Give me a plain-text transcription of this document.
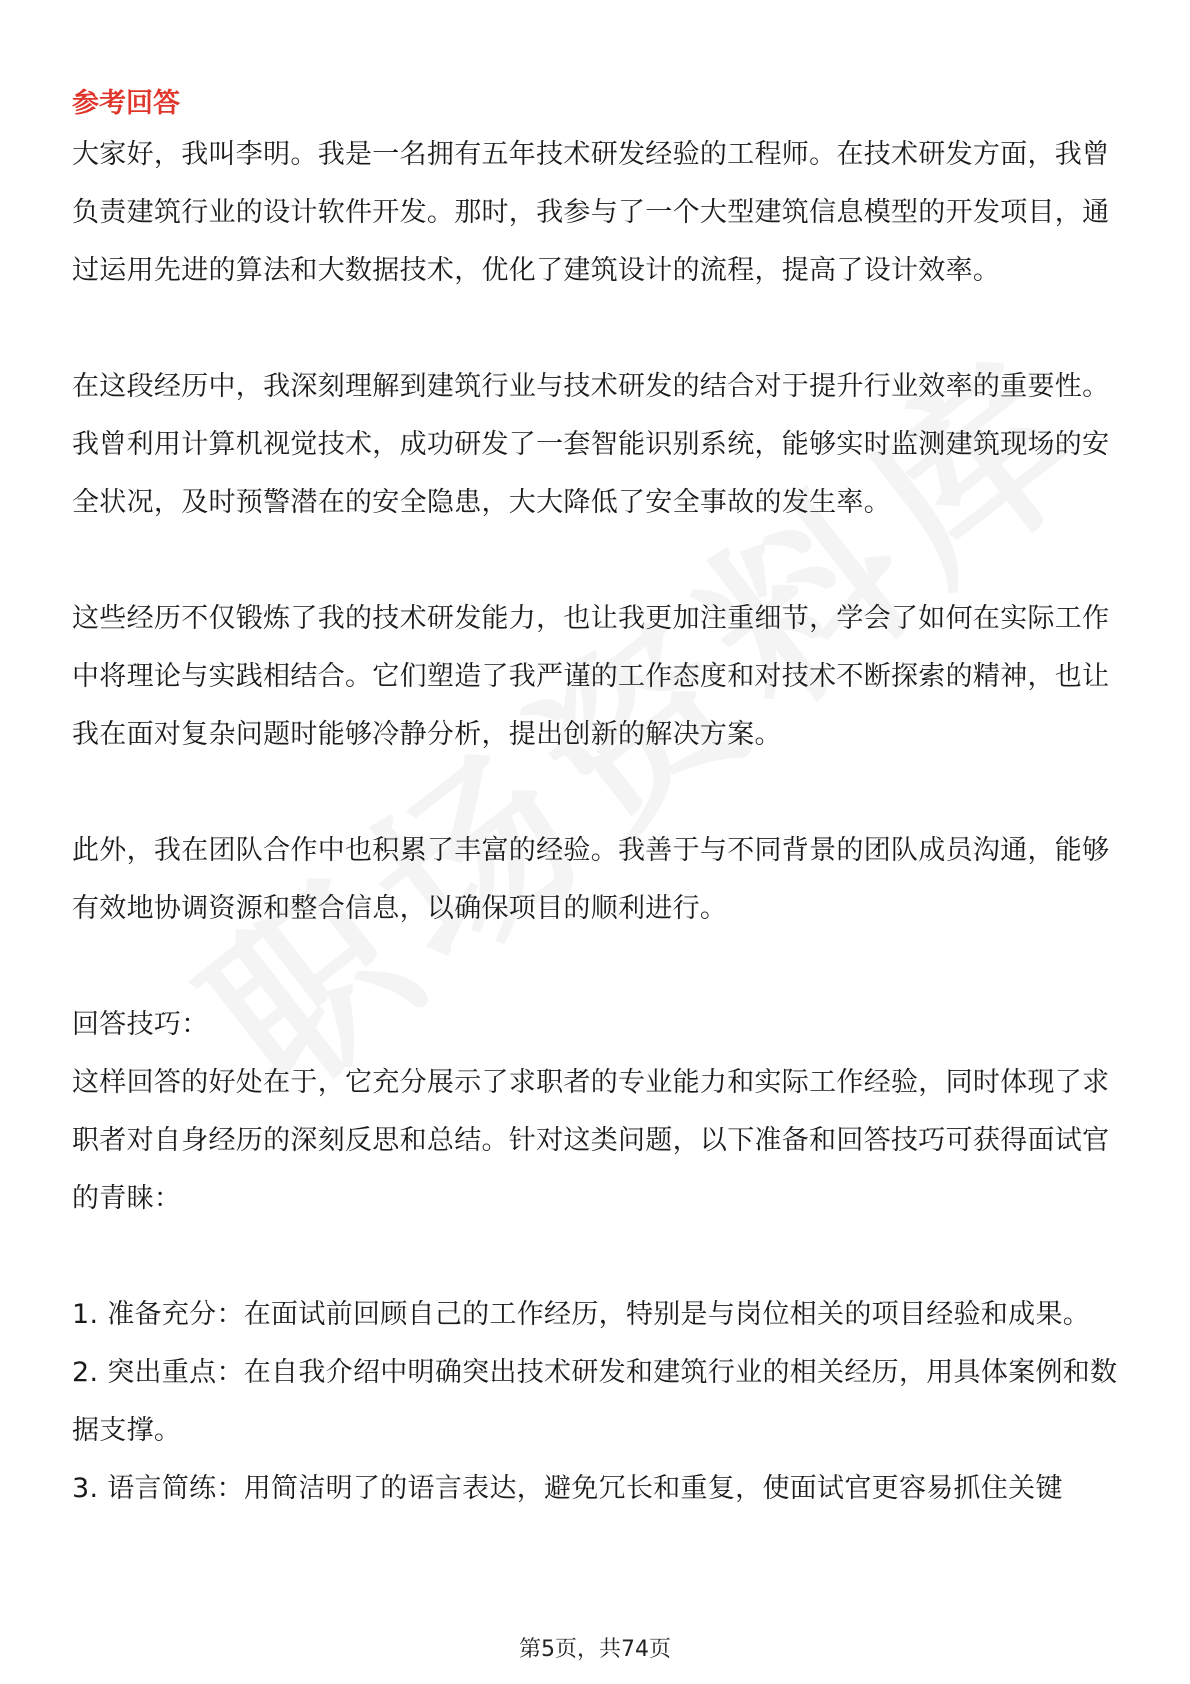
参考回答

大家好，我叫李明。我是一名拥有五年技术研发经验的工程师。在技术研发方面，我曾负责建筑行业的设计软件开发。那时，我参与了一个大型建筑信息模型的开发项目，通过运用先进的算法和大数据技术，优化了建筑设计的流程，提高了设计效率。

在这段经历中，我深刻理解到建筑行业与技术研发的结合对于提升行业效率的重要性。我曾利用计算机视觉技术，成功研发了一套智能识别系统，能够实时监测建筑现场的安全状况，及时预警潜在的安全隐患，大大降低了安全事故的发生率。

这些经历不仅锻炼了我的技术研发能力，也让我更加注重细节，学会了如何在实际工作中将理论与实践相结合。它们塑造了我严谨的工作态度和对技术不断探索的精神，也让我在面对复杂问题时能够冷静分析，提出创新的解决方案。

此外，我在团队合作中也积累了丰富的经验。我善于与不同背景的团队成员沟通，能够有效地协调资源和整合信息，以确保项目的顺利进行。

回答技巧：

这样回答的好处在于，它充分展示了求职者的专业能力和实际工作经验，同时体现了求职者对自身经历的深刻反思和总结。针对这类问题，以下准备和回答技巧可获得面试官的青睐：

1. 准备充分：在面试前回顾自己的工作经历，特别是与岗位相关的项目经验和成果。

2. 突出重点：在自我介绍中明确突出技术研发和建筑行业的相关经历，用具体案例和数据支撑。

3. 语言简练：用简洁明了的语言表达，避免冗长和重复，使面试官更容易抓住关键

第5页，共74页
